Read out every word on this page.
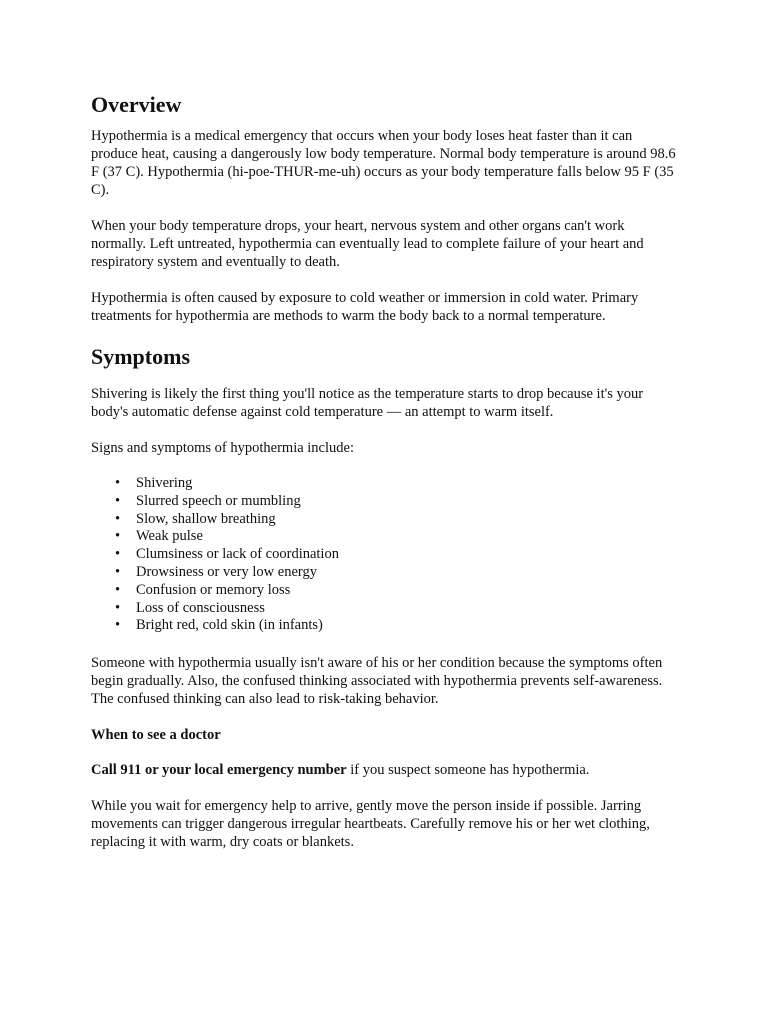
Overview

Hypothermia is a medical emergency that occurs when your body loses heat faster than it can produce heat, causing a dangerously low body temperature. Normal body temperature is around 98.6 F (37 C). Hypothermia (hi-poe-THUR-me-uh) occurs as your body temperature falls below 95 F (35 C).

When your body temperature drops, your heart, nervous system and other organs can't work normally. Left untreated, hypothermia can eventually lead to complete failure of your heart and respiratory system and eventually to death.

Hypothermia is often caused by exposure to cold weather or immersion in cold water. Primary treatments for hypothermia are methods to warm the body back to a normal temperature.

Symptoms

Shivering is likely the first thing you'll notice as the temperature starts to drop because it's your body's automatic defense against cold temperature — an attempt to warm itself.

Signs and symptoms of hypothermia include:

• Shivering
• Slurred speech or mumbling
• Slow, shallow breathing
• Weak pulse
• Clumsiness or lack of coordination
• Drowsiness or very low energy
• Confusion or memory loss
• Loss of consciousness
• Bright red, cold skin (in infants)

Someone with hypothermia usually isn't aware of his or her condition because the symptoms often begin gradually. Also, the confused thinking associated with hypothermia prevents self-awareness. The confused thinking can also lead to risk-taking behavior.

When to see a doctor

Call 911 or your local emergency number if you suspect someone has hypothermia.

While you wait for emergency help to arrive, gently move the person inside if possible. Jarring movements can trigger dangerous irregular heartbeats. Carefully remove his or her wet clothing, replacing it with warm, dry coats or blankets.
